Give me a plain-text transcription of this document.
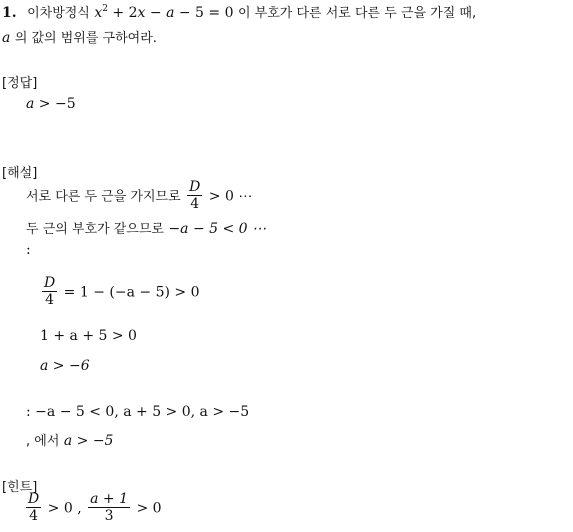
1. 이차방정식 $x^2 + 2x - a - 5 = 0$ 이 부호가 다른 서로 다른 두 근을 가질 때,
a 의 값의 범위를 구하여라.
[정답]
a > −5
[해설]
서로 다른 두 근을 가지므로 $\frac{D}{4} > 0$ ⋯
두 근의 부호가 같으므로 −a − 5 < 0 ⋯
:
$\frac{D}{4} = 1 - (-a - 5) > 0$
1 + a + 5 > 0
a > −6
: −a − 5 < 0, a + 5 > 0, a > −5
, 에서 a > −5
[힌트]
$\frac{D}{4} > 0$ , $\frac{a + 1}{3} > 0$
